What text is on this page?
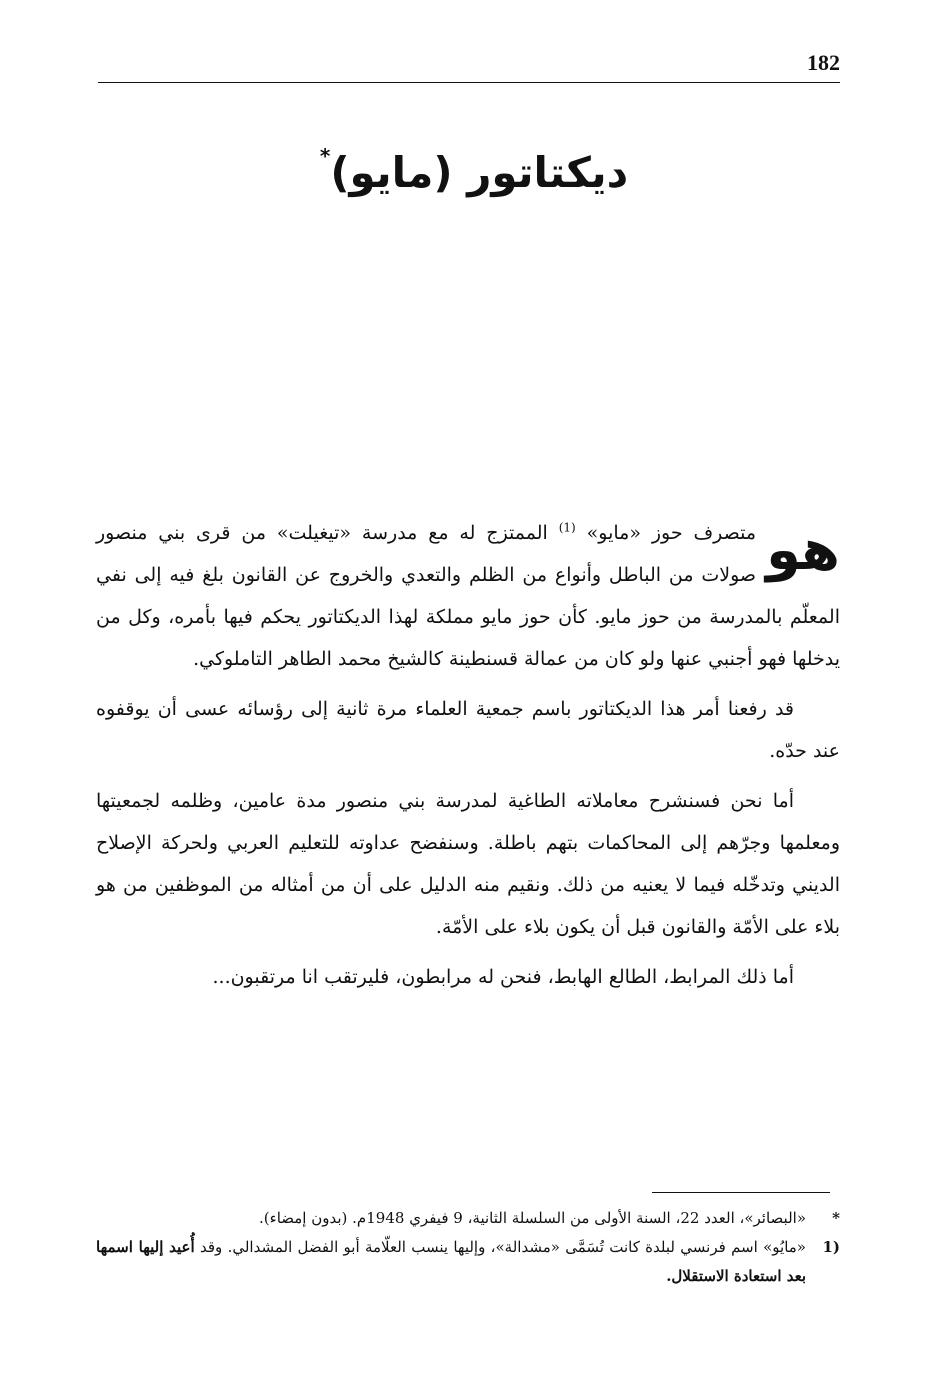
182
ديكتاتور (مايو)*

هو
متصرف حوز «مايو» $^{(1)}$ الممتزج له مع مدرسة «تيغيلت» من قرى بني منصور صولات من الباطل وأنواع من الظلم والتعدي والخروج عن القانون بلغ فيه إلى نفي المعلّم بالمدرسة من حوز مايو. كأن حوز مايو مملكة لهذا الديكتاتور يحكم فيها بأمره، وكل من يدخلها فهو أجنبي عنها ولو كان من عمالة قسنطينة كالشيخ محمد الطاهر التاملوكي.

قد رفعنا أمر هذا الديكتاتور باسم جمعية العلماء مرة ثانية إلى رؤسائه عسى أن يوقفوه عند حدّه.

أما نحن فسنشرح معاملاته الطاغية لمدرسة بني منصور مدة عامين، وظلمه لجمعيتها ومعلمها وجرّهم إلى المحاكمات بتهم باطلة. وسنفضح عداوته للتعليم العربي ولحركة الإصلاح الديني وتدخّله فيما لا يعنيه من ذلك. ونقيم منه الدليل على أن من أمثاله من الموظفين من هو بلاء على الأمّة والقانون قبل أن يكون بلاء على الأمّة.

أما ذلك المرابط، الطالع الهابط، فنحن له مرابطون، فليرتقب انا مرتقبون...

*
«البصائر»، العدد 22، السنة الأولى من السلسلة الثانية، 9 فيفري 1948م. (بدون إمضاء).
1)
«مايُو» اسم فرنسي لبلدة كانت تُسَمَّى «مشدالة»، وإليها ينسب العلّامة أبو الفضل المشدالي. وقد أُعيد إليها اسمها بعد استعادة الاستقلال.
